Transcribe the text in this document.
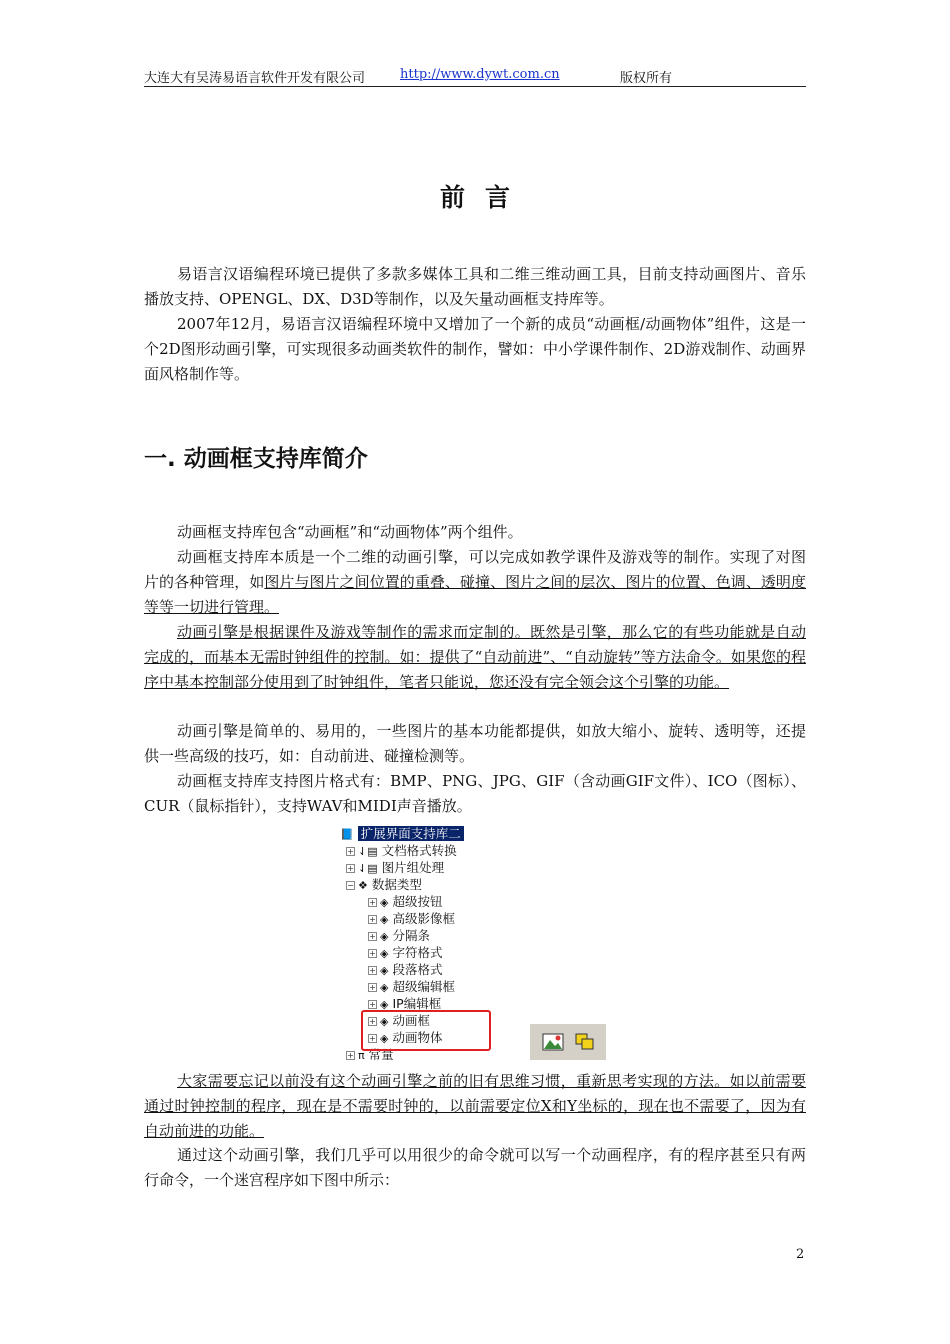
大连大有吴涛易语言软件开发有限公司	http://www.dywt.com.cn	版权所有
前言

易语言汉语编程环境已提供了多款多媒体工具和二维三维动画工具，目前支持动画图片、音乐播放支持、OPENGL、DX、D3D等制作，以及矢量动画框支持库等。

2007年12月，易语言汉语编程环境中又增加了一个新的成员“动画框/动画物体”组件，这是一个2D图形动画引擎，可实现很多动画类软件的制作，譬如：中小学课件制作、2D游戏制作、动画界面风格制作等。

一. 动画框支持库简介

动画框支持库包含“动画框”和“动画物体”两个组件。

动画框支持库本质是一个二维的动画引擎，可以完成如教学课件及游戏等的制作。实现了对图片的各种管理，如图片与图片之间位置的重叠、碰撞、图片之间的层次、图片的位置、色调、透明度等等一切进行管理。

动画引擎是根据课件及游戏等制作的需求而定制的。既然是引擎，那么它的有些功能就是自动完成的，而基本无需时钟组件的控制。如：提供了“自动前进”、“自动旋转”等方法命令。如果您的程序中基本控制部分使用到了时钟组件，笔者只能说，您还没有完全领会这个引擎的功能。

动画引擎是简单的、易用的，一些图片的基本功能都提供，如放大缩小、旋转、透明等，还提供一些高级的技巧，如：自动前进、碰撞检测等。

动画框支持库支持图片格式有：BMP、PNG、JPG、GIF（含动画GIF文件）、ICO（图标）、CUR（鼠标指针），支持WAV和MIDI声音播放。

📘 扩展界面支持库二
+ ⇃▤ 文档格式转换
+ ⇃▤ 图片组处理
− ❖ 数据类型
+ ◈ 超级按钮
+ ◈ 高级影像框
+ ◈ 分隔条
+ ◈ 字符格式
+ ◈ 段落格式
+ ◈ 超级编辑框
+ ◈ IP编辑框
+ ◈ 动画框
+ ◈ 动画物体
+ π 常量

大家需要忘记以前没有这个动画引擎之前的旧有思维习惯，重新思考实现的方法。如以前需要通过时钟控制的程序，现在是不需要时钟的，以前需要定位X和Y坐标的，现在也不需要了，因为有自动前进的功能。

通过这个动画引擎，我们几乎可以用很少的命令就可以写一个动画程序，有的程序甚至只有两行命令，一个迷宫程序如下图中所示：

2
